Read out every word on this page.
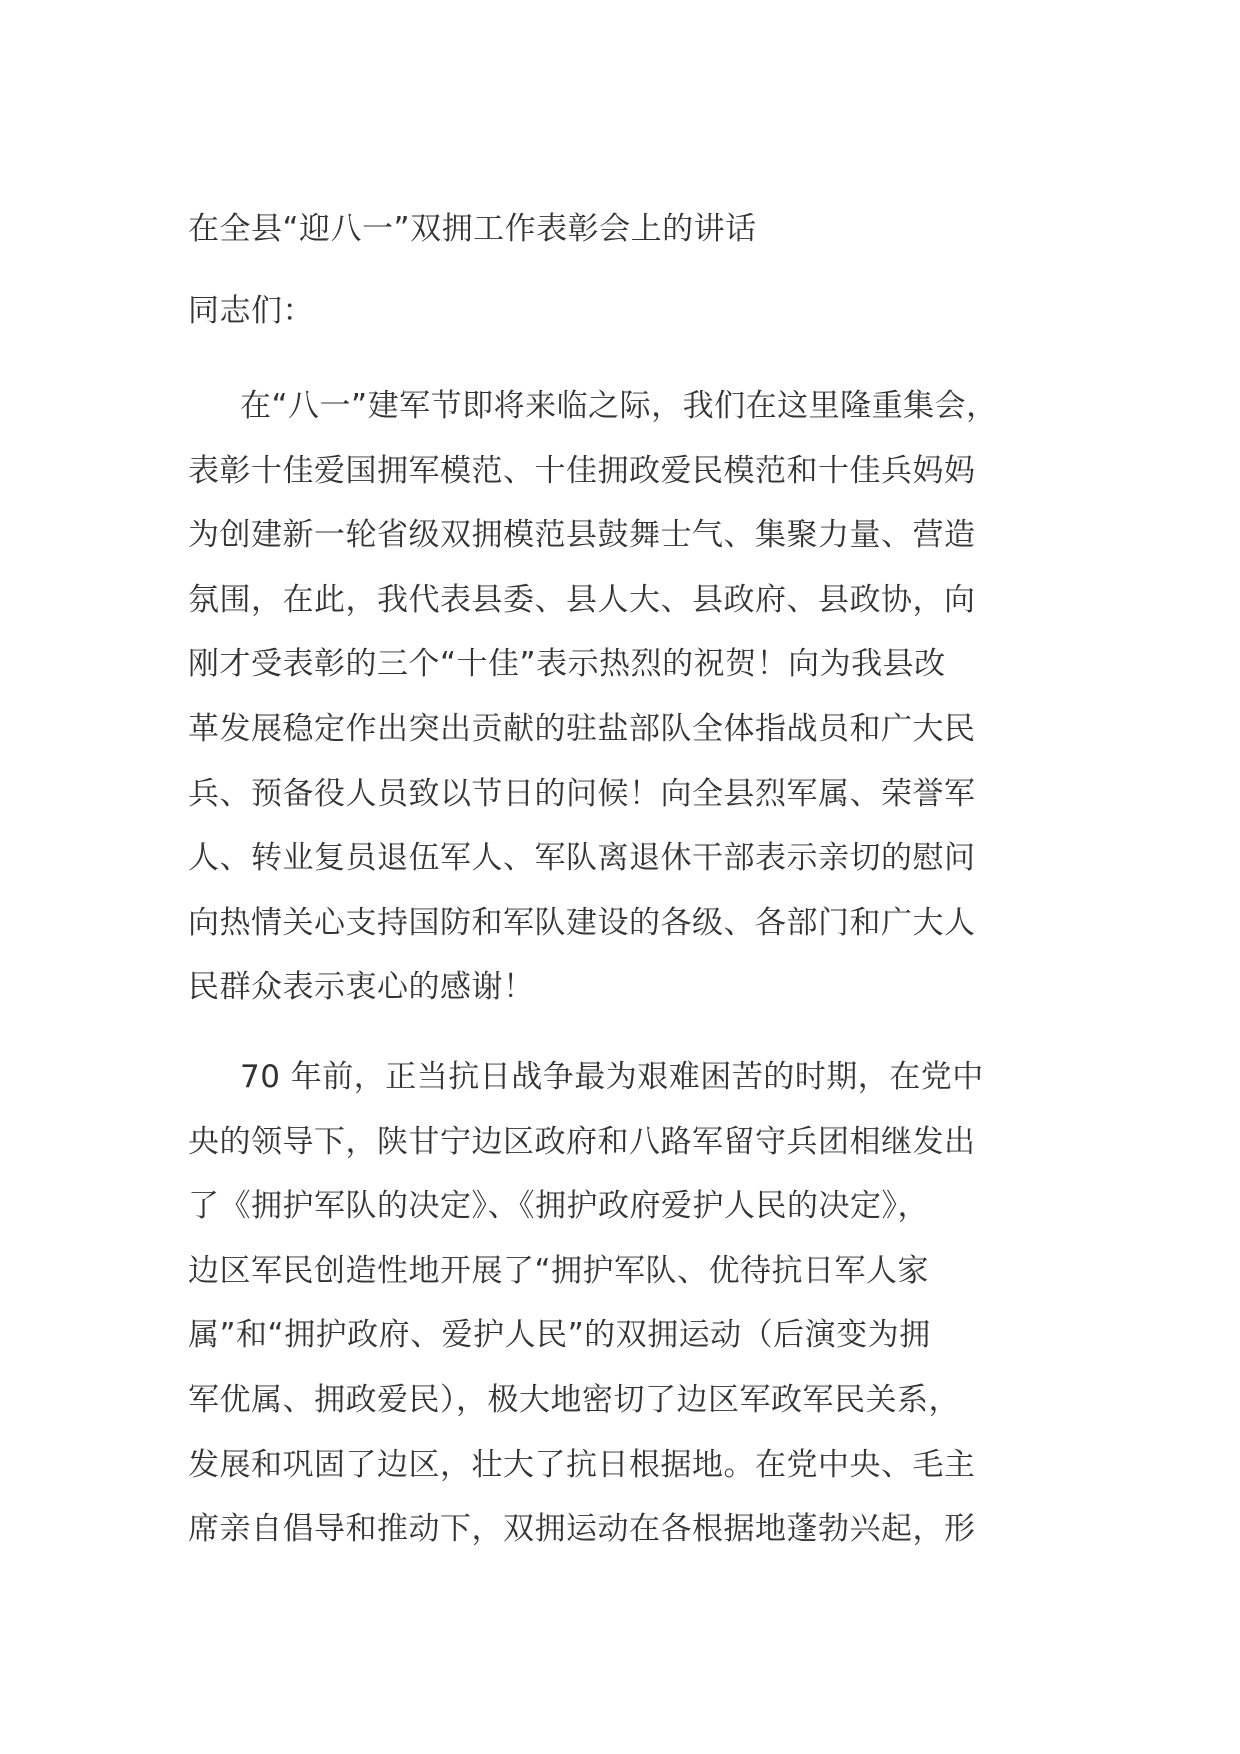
在全县“迎八一”双拥工作表彰会上的讲话
同志们：
在“八一”建军节即将来临之际，我们在这里隆重集会，
表彰十佳爱国拥军模范、十佳拥政爱民模范和十佳兵妈妈
为创建新一轮省级双拥模范县鼓舞士气、集聚力量、营造
氛围，在此，我代表县委、县人大、县政府、县政协，向
刚才受表彰的三个“十佳”表示热烈的祝贺！向为我县改
革发展稳定作出突出贡献的驻盐部队全体指战员和广大民
兵、预备役人员致以节日的问候！向全县烈军属、荣誉军
人、转业复员退伍军人、军队离退休干部表示亲切的慰问
向热情关心支持国防和军队建设的各级、各部门和广大人
民群众表示衷心的感谢！
70 年前，正当抗日战争最为艰难困苦的时期，在党中
央的领导下，陕甘宁边区政府和八路军留守兵团相继发出
了《拥护军队的决定》、《拥护政府爱护人民的决定》，
边区军民创造性地开展了“拥护军队、优待抗日军人家
属”和“拥护政府、爱护人民”的双拥运动（后演变为拥
军优属、拥政爱民），极大地密切了边区军政军民关系，
发展和巩固了边区，壮大了抗日根据地。在党中央、毛主
席亲自倡导和推动下，双拥运动在各根据地蓬勃兴起，形
